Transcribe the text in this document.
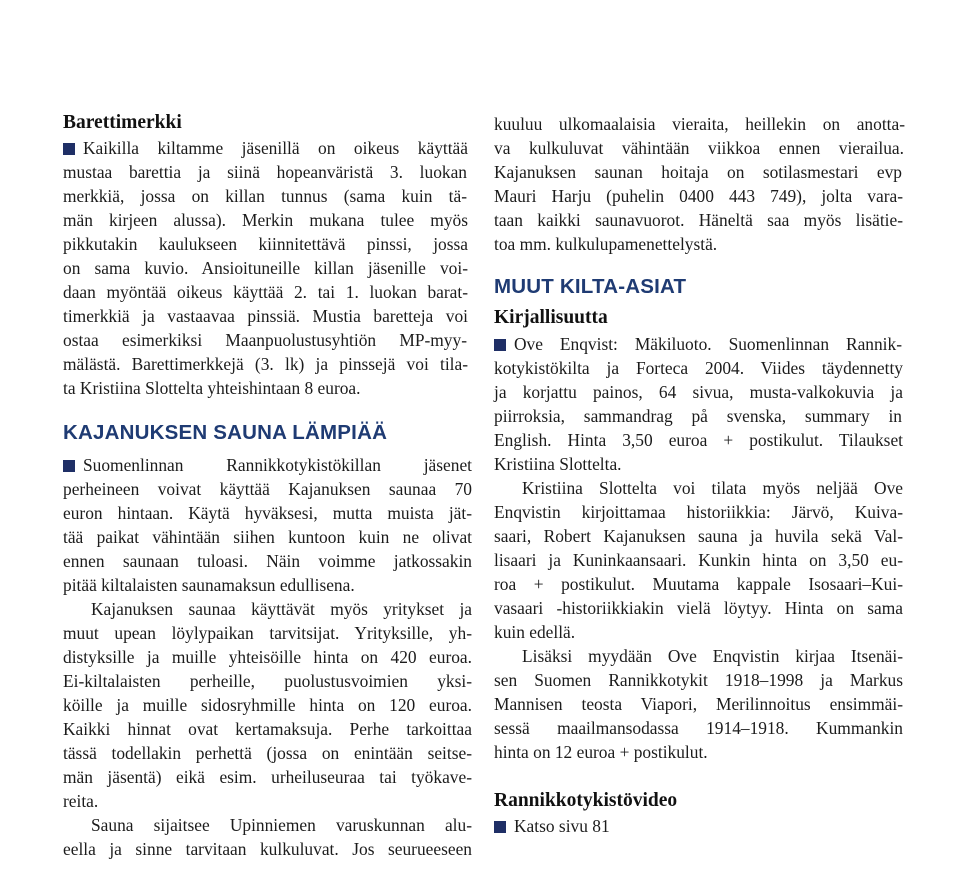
Barettimerkki
Kaikilla kiltamme jäsenillä on oikeus käyttää
mustaa barettia ja siinä hopeanväristä 3. luokan
merkkiä, jossa on killan tunnus (sama kuin tä-
män kirjeen alussa). Merkin mukana tulee myös
pikkutakin kaulukseen kiinnitettävä pinssi, jossa
on sama kuvio. Ansioituneille killan jäsenille voi-
daan myöntää oikeus käyttää 2. tai 1. luokan barat-
timerkkiä ja vastaavaa pinssiä. Mustia baretteja voi
ostaa esimerkiksi Maanpuolustusyhtiön MP-myy-
mälästä. Barettimerkkejä (3. lk) ja pinssejä voi tila-
ta Kristiina Slottelta yhteishintaan 8 euroa.
KAJANUKSEN SAUNA LÄMPIÄÄ
Suomenlinnan Rannikkotykistökillan jäsenet
perheineen voivat käyttää Kajanuksen saunaa 70
euron hintaan. Käytä hyväksesi, mutta muista jät-
tää paikat vähintään siihen kuntoon kuin ne olivat
ennen saunaan tuloasi. Näin voimme jatkossakin
pitää kiltalaisten saunamaksun edullisena.
Kajanuksen saunaa käyttävät myös yritykset ja
muut upean löylypaikan tarvitsijat. Yrityksille, yh-
distyksille ja muille yhteisöille hinta on 420 euroa.
Ei-kiltalaisten perheille, puolustusvoimien yksi-
köille ja muille sidosryhmille hinta on 120 euroa.
Kaikki hinnat ovat kertamaksuja. Perhe tarkoittaa
tässä todellakin perhettä (jossa on enintään seitse-
män jäsentä) eikä esim. urheiluseuraa tai työkave-
reita.
Sauna sijaitsee Upinniemen varuskunnan alu-
eella ja sinne tarvitaan kulkuluvat. Jos seurueeseen
kuuluu ulkomaalaisia vieraita, heillekin on anotta-
va kulkuluvat vähintään viikkoa ennen vierailua.
Kajanuksen saunan hoitaja on sotilasmestari evp
Mauri Harju (puhelin 0400 443 749), jolta vara-
taan kaikki saunavuorot. Häneltä saa myös lisätie-
toa mm. kulkulupamenettelystä.
MUUT KILTA-ASIAT
Kirjallisuutta
Ove Enqvist: Mäkiluoto. Suomenlinnan Rannik-
kotykistökilta ja Forteca 2004. Viides täydennetty
ja korjattu painos, 64 sivua, musta-valkokuvia ja
piirroksia, sammandrag på svenska, summary in
English. Hinta 3,50 euroa + postikulut. Tilaukset
Kristiina Slottelta.
Kristiina Slottelta voi tilata myös neljää Ove
Enqvistin kirjoittamaa historiikkia: Järvö, Kuiva-
saari, Robert Kajanuksen sauna ja huvila sekä Val-
lisaari ja Kuninkaansaari. Kunkin hinta on 3,50 eu-
roa + postikulut. Muutama kappale Isosaari–Kui-
vasaari -historiikkiakin vielä löytyy. Hinta on sama
kuin edellä.
Lisäksi myydään Ove Enqvistin kirjaa Itsenäi-
sen Suomen Rannikkotykit 1918–1998 ja Markus
Mannisen teosta Viapori, Merilinnoitus ensimmäi-
sessä maailmansodassa 1914–1918. Kummankin
hinta on 12 euroa + postikulut.
Rannikkotykistövideo
Katso sivu 81
